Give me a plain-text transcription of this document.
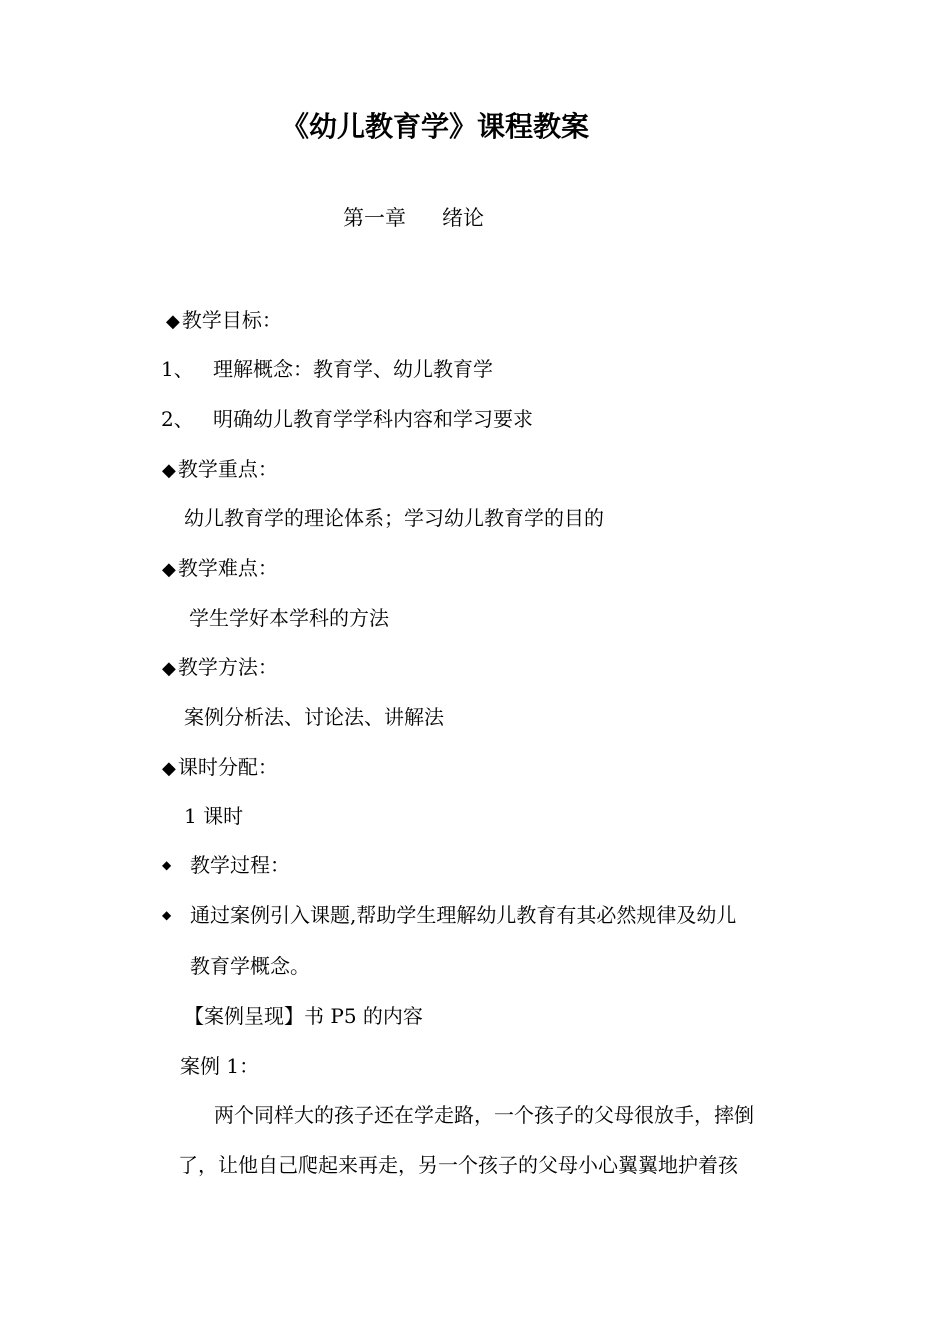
《幼儿教育学》课程教案
第一章 绪论
◆ 教学目标：
1、 理解概念：教育学、幼儿教育学
2、 明确幼儿教育学学科内容和学习要求
◆ 教学重点：
幼儿教育学的理论体系；学习幼儿教育学的目的
◆ 教学难点：
学生学好本学科的方法
◆ 教学方法：
案例分析法、讨论法、讲解法
◆ 课时分配：
1 课时
◆ 教学过程：
◆ 通过案例引入课题,帮助学生理解幼儿教育有其必然规律及幼儿
教育学概念。
【案例呈现】书 P5 的内容
案例 1：
两个同样大的孩子还在学走路，一个孩子的父母很放手，摔倒
了，让他自己爬起来再走，另一个孩子的父母小心翼翼地护着孩
